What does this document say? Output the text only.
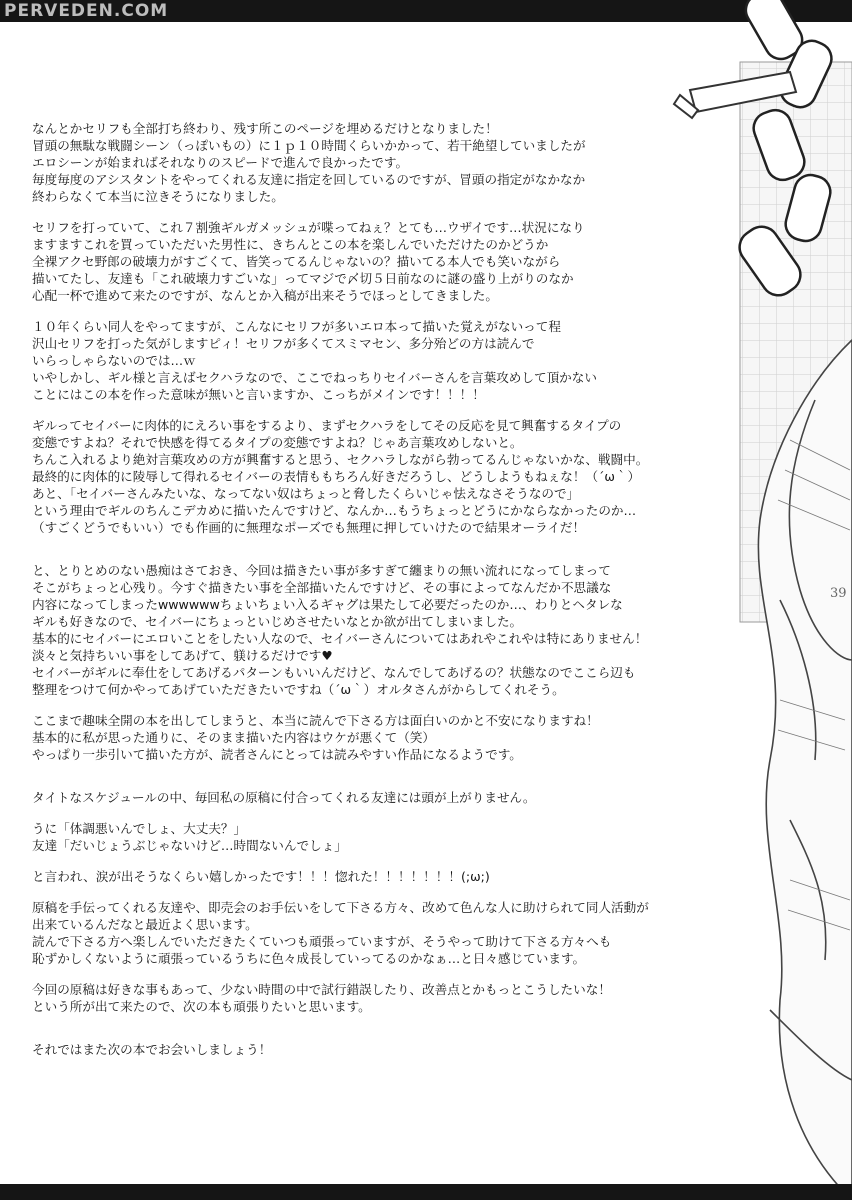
PERVEDEN.COM
39
なんとかセリフも全部打ち終わり、残す所このページを埋めるだけとなりました！
冒頭の無駄な戦闘シーン（っぽいもの）に１ｐ１０時間くらいかかって、若干絶望していましたが
エロシーンが始まればそれなりのスピードで進んで良かったです。
毎度毎度のアシスタントをやってくれる友達に指定を回しているのですが、冒頭の指定がなかなか
終わらなくて本当に泣きそうになりました。
セリフを打っていて、これ７割強ギルガメッシュが喋ってねぇ？とても…ウザイです…状況になり
ますますこれを買っていただいた男性に、きちんとこの本を楽しんでいただけたのかどうか
全裸アクセ野郎の破壊力がすごくて、皆笑ってるんじゃないの？描いてる本人でも笑いながら
描いてたし、友達も「これ破壊力すごいな」ってマジで〆切５日前なのに謎の盛り上がりのなか
心配一杯で進めて来たのですが、なんとか入稿が出来そうでほっとしてきました。
１０年くらい同人をやってますが、こんなにセリフが多いエロ本って描いた覚えがないって程
沢山セリフを打った気がしますピィ！セリフが多くてスミマセン、多分殆どの方は読んで
いらっしゃらないのでは…ｗ
いやしかし、ギル様と言えばセクハラなので、ここでねっちりセイバーさんを言葉攻めして頂かない
ことにはこの本を作った意味が無いと言いますか、こっちがメインです！！！！
ギルってセイバーに肉体的にえろい事をするより、まずセクハラをしてその反応を見て興奮するタイプの
変態ですよね？それで快感を得てるタイプの変態ですよね？じゃあ言葉攻めしないと。
ちんこ入れるより絶対言葉攻めの方が興奮すると思う、セクハラしながら勃ってるんじゃないかな、戦闘中。
最終的に肉体的に陵辱して得れるセイバーの表情ももちろん好きだろうし、どうしようもねぇな！（´ω｀）
あと、「セイバーさんみたいな、なってない奴はちょっと脅したくらいじゃ怯えなさそうなので」
という理由でギルのちんこデカめに描いたんですけど、なんか…もうちょっとどうにかならなかったのか…
（すごくどうでもいい）でも作画的に無理なポーズでも無理に押していけたので結果オーライだ！
と、とりとめのない愚痴はさておき、今回は描きたい事が多すぎて纏まりの無い流れになってしまって
そこがちょっと心残り。今すぐ描きたい事を全部描いたんですけど、その事によってなんだか不思議な
内容になってしまったwwwwwwちょいちょい入るギャグは果たして必要だったのか…、わりとヘタレな
ギルも好きなので、セイバーにちょっといじめさせたいなとか欲が出てしまいました。
基本的にセイバーにエロいことをしたい人なので、セイバーさんについてはあれやこれやは特にありません！
淡々と気持ちいい事をしてあげて、躾けるだけです♥
セイバーがギルに奉仕をしてあげるパターンもいいんだけど、なんでしてあげるの？状態なのでここら辺も
整理をつけて何かやってあげていただきたいですね（´ω｀）オルタさんがからしてくれそう。
ここまで趣味全開の本を出してしまうと、本当に読んで下さる方は面白いのかと不安になりますね！
基本的に私が思った通りに、そのまま描いた内容はウケが悪くて（笑）
やっぱり一歩引いて描いた方が、読者さんにとっては読みやすい作品になるようです。
タイトなスケジュールの中、毎回私の原稿に付合ってくれる友達には頭が上がりません。
うに「体調悪いんでしょ、大丈夫？」
友達「だいじょうぶじゃないけど…時間ないんでしょ」
と言われ、涙が出そうなくらい嬉しかったです！！！惚れた！！！！！！！(;ω;)
原稿を手伝ってくれる友達や、即売会のお手伝いをして下さる方々、改めて色んな人に助けられて同人活動が
出来ているんだなと最近よく思います。
読んで下さる方へ楽しんでいただきたくていつも頑張っていますが、そうやって助けて下さる方々へも
恥ずかしくないように頑張っているうちに色々成長していってるのかなぁ…と日々感じています。
今回の原稿は好きな事もあって、少ない時間の中で試行錯誤したり、改善点とかもっとこうしたいな！
という所が出て来たので、次の本も頑張りたいと思います。
それではまた次の本でお会いしましょう！
